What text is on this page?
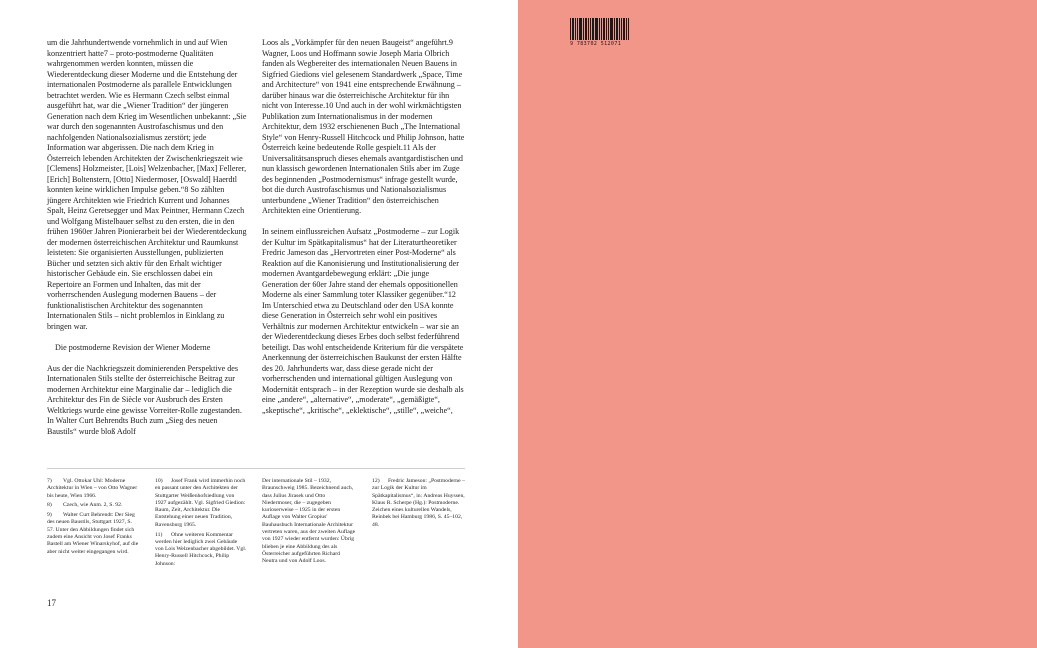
um die Jahrhundertwende vornehmlich in und auf Wien konzentriert hatte7 – proto-postmoderne Qualitäten wahrgenommen werden konnten, müssen die Wiederentdeckung dieser Moderne und die Entstehung der internationalen Postmoderne als parallele Entwicklungen betrachtet werden. Wie es Hermann Czech selbst einmal ausgeführt hat, war die „Wiener Tradition“ der jüngeren Generation nach dem Krieg im Wesentlichen unbekannt: „Sie war durch den sogenannten Austrofaschismus und den nachfolgenden Nationalsozialismus zerstört; jede Information war abgerissen. Die nach dem Krieg in Österreich lebenden Architekten der Zwischenkriegszeit wie [Clemens] Holzmeister, [Lois] Welzenbacher, [Max] Fellerer, [Erich] Boltenstern, [Otto] Niedermoser, [Oswald] Haerdtl konnten keine wirklichen Impulse geben.“8 So zählten jüngere Architekten wie Friedrich Kurrent und Johannes Spalt, Heinz Geretsegger und Max Peintner, Hermann Czech und Wolfgang Mistelbauer selbst zu den ersten, die in den frühen 1960er Jahren Pionierarbeit bei der Wiederentdeckung der modernen österreichischen Architektur und Raumkunst leisteten: Sie organisierten Ausstellungen, publizierten Bücher und setzten sich aktiv für den Erhalt wichtiger historischer Gebäude ein. Sie erschlossen dabei ein Repertoire an Formen und Inhalten, das mit der vorherrschenden Auslegung modernen Bauens – der funktionalistischen Architektur des sogenannten Internationalen Stils – nicht problemlos in Einklang zu bringen war.

Die postmoderne Revision der Wiener Moderne

Aus der die Nachkriegszeit dominierenden Perspektive des Internationalen Stils stellte der österreichische Beitrag zur modernen Architektur eine Marginalie dar – lediglich die Architektur des Fin de Siècle vor Ausbruch des Ersten Weltkriegs wurde eine gewisse Vorreiter-Rolle zugestanden. In Walter Curt Behrendts Buch zum „Sieg des neuen Baustils“ wurde bloß Adolf

Loos als „Vorkämpfer für den neuen Baugeist“ angeführt.9 Wagner, Loos und Hoffmann sowie Joseph Maria Olbrich fanden als Wegbereiter des internationalen Neuen Bauens in Sigfried Giedions viel gelesenem Standardwerk „Space, Time and Architecture“ von 1941 eine entsprechende Erwähnung – darüber hinaus war die österreichische Architektur für ihn nicht von Interesse.10 Und auch in der wohl wirkmächtigsten Publikation zum Internationalismus in der modernen Architektur, dem 1932 erschienenen Buch „The International Style“ von Henry-Russell Hitchcock und Philip Johnson, hatte Österreich keine bedeutende Rolle gespielt.11 Als der Universalitätsanspruch dieses ehemals avantgardistischen und nun klassisch gewordenen Internationalen Stils aber im Zuge des beginnenden „Postmodernismus“ infrage gestellt wurde, bot die durch Austrofaschismus und Nationalsozialismus unterbundene „Wiener Tradition“ den österreichischen Architekten eine Orientierung.

In seinem einflussreichen Aufsatz „Postmoderne – zur Logik der Kultur im Spätkapitalismus“ hat der Literaturtheoretiker Fredric Jameson das „Hervortreten einer Post-Moderne“ als Reaktion auf die Kanonisierung und Institutionalisierung der modernen Avantgardebewegung erklärt: „Die junge Generation der 60er Jahre stand der ehemals oppositionellen Moderne als einer Sammlung toter Klassiker gegenüber.“12 Im Unterschied etwa zu Deutschland oder den USA konnte diese Generation in Österreich sehr wohl ein positives Verhältnis zur modernen Architektur entwickeln – war sie an der Wiederentdeckung dieses Erbes doch selbst federführend beteiligt. Das wohl entscheidende Kriterium für die verspätete Anerkennung der österreichischen Baukunst der ersten Hälfte des 20. Jahrhunderts war, dass diese gerade nicht der vorherrschenden und international gültigen Auslegung von Modernität entsprach – in der Rezeption wurde sie deshalb als eine „andere“, „alternative“, „moderate“, „gemäßigte“, „skeptische“, „kritische“, „eklektische“, „stille“, „weiche“,

7) Vgl. Ottokar Uhl: Moderne Architektur in Wien – von Otto Wagner bis heute, Wien 1966.

8) Czech, wie Anm. 2, S. 92.

9) Walter Curt Behrendt: Der Sieg des neuen Baustils, Stuttgart 1927, S. 57. Unter den Abbildungen findet sich zudem eine Ansicht von Josef Franks Bastell am Wiener Winarskyhof, auf die aber nicht weiter eingegangen wird.

10) Josef Frank wird immerhin noch en passant unter den Architekten der Stuttgarter Weißenhofsiedlung von 1927 aufgezählt. Vgl. Sigfried Giedion: Raum, Zeit, Architektur. Die Entstehung einer neuen Tradition, Ravensburg 1965.

11) Ohne weiteren Kommentar werden hier lediglich zwei Gebäude von Lois Welzenbacher abgebildet. Vgl. Henry-Russell Hitchcock, Philip Johnson:

Der internationale Stil – 1932, Braunschweig 1985. Bezeichnend auch, dass Julius Jirasek und Otto Niedermoser, die – zugegeben kurioserweise – 1925 in der ersten Auflage von Walter Gropius' Bauhausbuch Internationale Architektur vertreten waren, aus der zweiten Auflage von 1927 wieder entfernt wurden: Übrig blieben je eine Abbildung des als Österreicher aufgeführten Richard Neutra und von Adolf Loos.

12) Fredric Jameson: „Postmoderne – zur Logik der Kultur im Spätkapitalismus“, in: Andreas Huyssen, Klaus R. Scherpe (Hg.): Postmoderne. Zeichen eines kulturellen Wandels, Reinbek bei Hamburg 1986, S. 45–102, 48.

17
9 783702 512071
